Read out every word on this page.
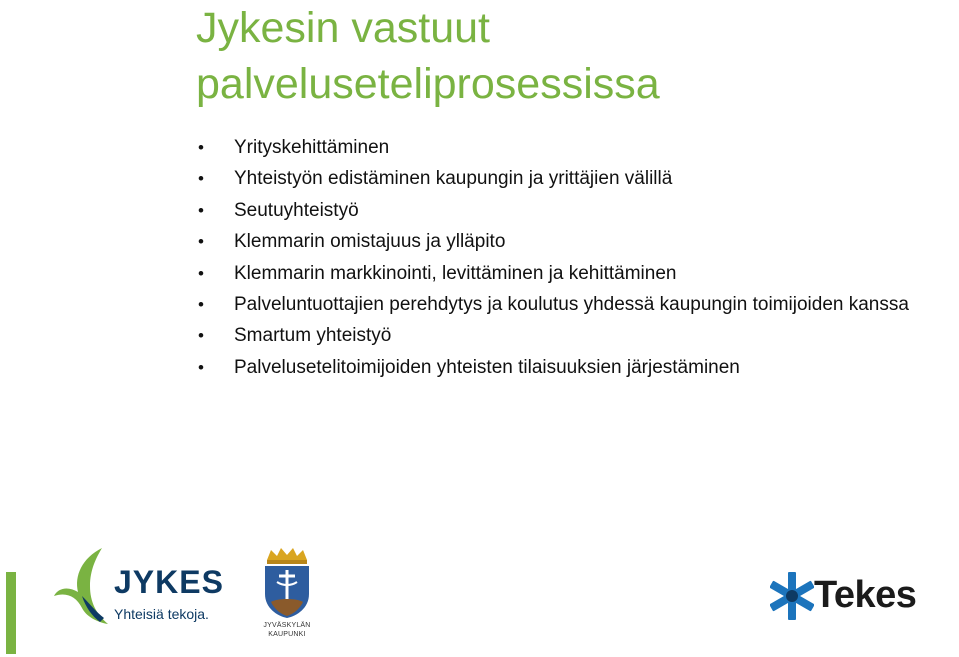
Jykesin vastuut
palveluseteliprosessissa
• Yrityskehittäminen
• Yhteistyön edistäminen kaupungin ja yrittäjien välillä
• Seutuyhteistyö
• Klemmarin omistajuus ja ylläpito
• Klemmarin markkinointi, levittäminen ja kehittäminen
• Palveluntuottajien perehdytys ja koulutus yhdessä kaupungin toimijoiden kanssa
• Smartum yhteistyö
• Palvelusetelitoimijoiden yhteisten tilaisuuksien järjestäminen
JYKES
Yhteisiä tekoja.
JYVÄSKYLÄN
KAUPUNKI
Tekes
